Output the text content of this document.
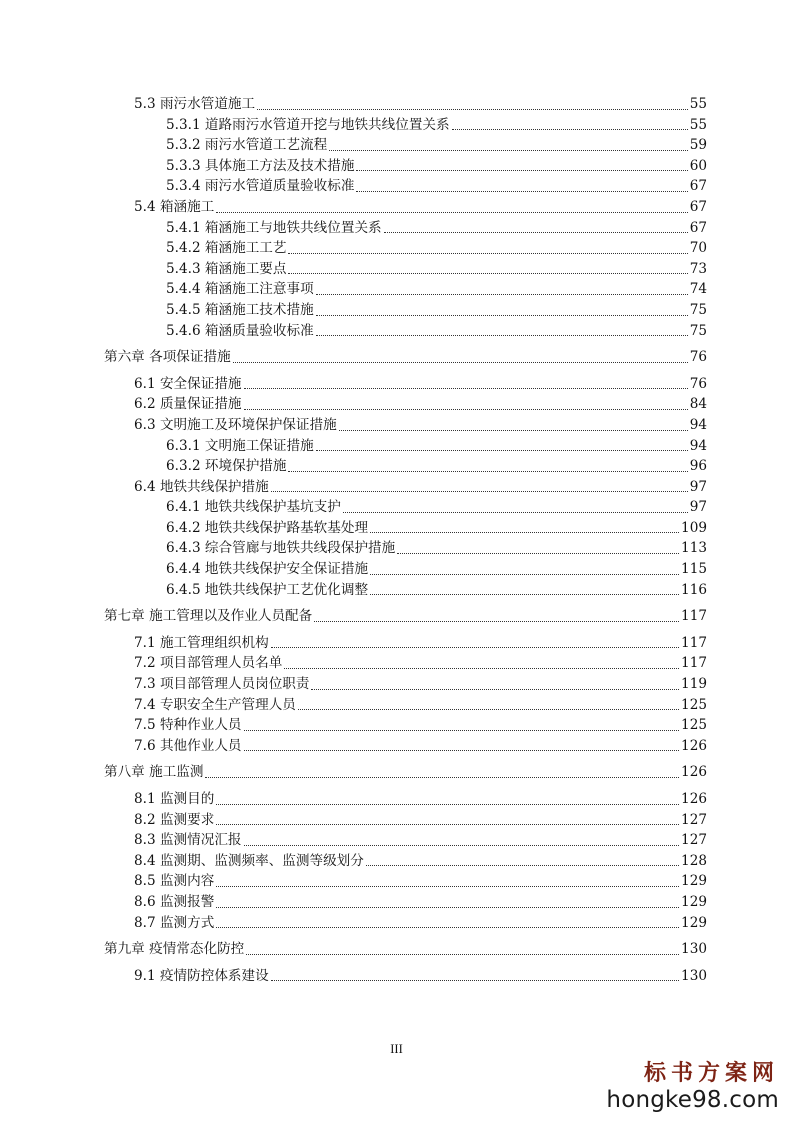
5.3 雨污水管道施工	55
5.3.1 道路雨污水管道开挖与地铁共线位置关系	55
5.3.2 雨污水管道工艺流程	59
5.3.3 具体施工方法及技术措施	60
5.3.4 雨污水管道质量验收标准	67
5.4 箱涵施工	67
5.4.1 箱涵施工与地铁共线位置关系	67
5.4.2 箱涵施工工艺	70
5.4.3 箱涵施工要点	73
5.4.4 箱涵施工注意事项	74
5.4.5 箱涵施工技术措施	75
5.4.6 箱涵质量验收标准	75
第六章 各项保证措施	76
6.1 安全保证措施	76
6.2 质量保证措施	84
6.3 文明施工及环境保护保证措施	94
6.3.1 文明施工保证措施	94
6.3.2 环境保护措施	96
6.4 地铁共线保护措施	97
6.4.1 地铁共线保护基坑支护	97
6.4.2 地铁共线保护路基软基处理	109
6.4.3 综合管廊与地铁共线段保护措施	113
6.4.4 地铁共线保护安全保证措施	115
6.4.5 地铁共线保护工艺优化调整	116
第七章 施工管理以及作业人员配备	117
7.1 施工管理组织机构	117
7.2 项目部管理人员名单	117
7.3 项目部管理人员岗位职责	119
7.4 专职安全生产管理人员	125
7.5 特种作业人员	125
7.6 其他作业人员	126
第八章 施工监测	126
8.1 监测目的	126
8.2 监测要求	127
8.3 监测情况汇报	127
8.4 监测期、监测频率、监测等级划分	128
8.5 监测内容	129
8.6 监测报警	129
8.7 监测方式	129
第九章 疫情常态化防控	130
9.1 疫情防控体系建设	130
III
标书方案网
hongke98.com
